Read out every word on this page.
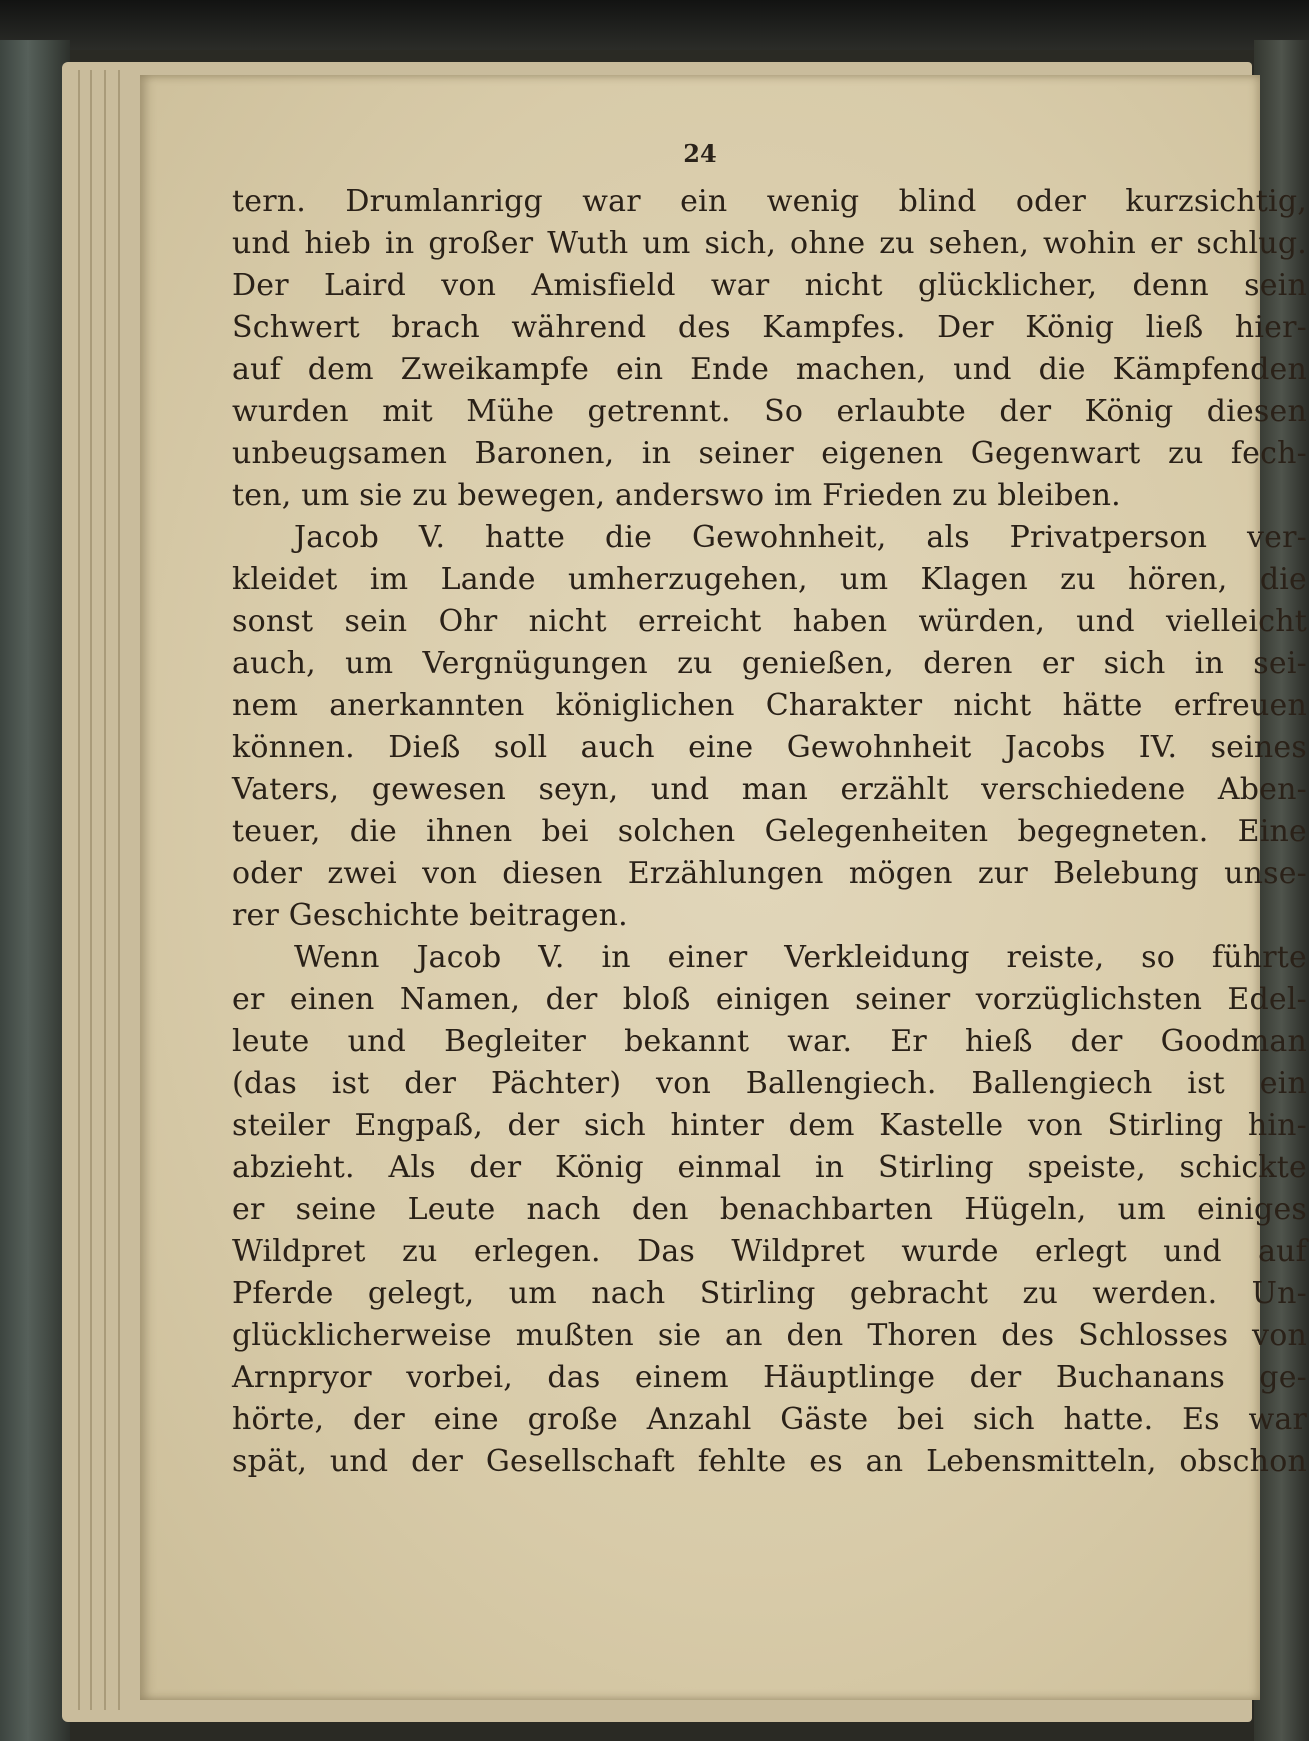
24
tern. Drumlanrigg war ein wenig blind oder kurzsichtig,
und hieb in großer Wuth um sich, ohne zu sehen, wohin er schlug.
Der Laird von Amisfield war nicht glücklicher, denn sein
Schwert brach während des Kampfes. Der König ließ hier-
auf dem Zweikampfe ein Ende machen, und die Kämpfenden
wurden mit Mühe getrennt. So erlaubte der König diesen
unbeugsamen Baronen, in seiner eigenen Gegenwart zu fech-
ten, um sie zu bewegen, anderswo im Frieden zu bleiben.
Jacob V. hatte die Gewohnheit, als Privatperson ver-
kleidet im Lande umherzugehen, um Klagen zu hören, die
sonst sein Ohr nicht erreicht haben würden, und vielleicht
auch, um Vergnügungen zu genießen, deren er sich in sei-
nem anerkannten königlichen Charakter nicht hätte erfreuen
können. Dieß soll auch eine Gewohnheit Jacobs IV. seines
Vaters, gewesen seyn, und man erzählt verschiedene Aben-
teuer, die ihnen bei solchen Gelegenheiten begegneten. Eine
oder zwei von diesen Erzählungen mögen zur Belebung unse-
rer Geschichte beitragen.
Wenn Jacob V. in einer Verkleidung reiste, so führte
er einen Namen, der bloß einigen seiner vorzüglichsten Edel-
leute und Begleiter bekannt war. Er hieß der Goodman
(das ist der Pächter) von Ballengiech. Ballengiech ist ein
steiler Engpaß, der sich hinter dem Kastelle von Stirling hin-
abzieht. Als der König einmal in Stirling speiste, schickte
er seine Leute nach den benachbarten Hügeln, um einiges
Wildpret zu erlegen. Das Wildpret wurde erlegt und auf
Pferde gelegt, um nach Stirling gebracht zu werden. Un-
glücklicherweise mußten sie an den Thoren des Schlosses von
Arnpryor vorbei, das einem Häuptlinge der Buchanans ge-
hörte, der eine große Anzahl Gäste bei sich hatte. Es war
spät, und der Gesellschaft fehlte es an Lebensmitteln, obschon
